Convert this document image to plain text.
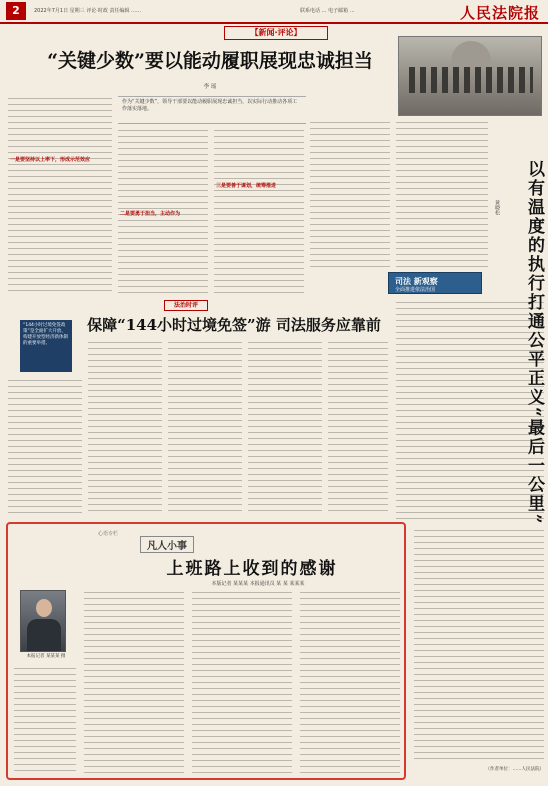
2	2022年7月1日 星期三 评论·时政 责任编辑 ……	联系电话 … 电子邮箱 …	人民法院报
【新闻·评论】
“关键少数”要以能动履职展现忠诚担当
李 瑶
作为“关键少数”，领导干部要以能动履职展现忠诚担当，以实际行动推动各项工作落实落地。
一是要坚持以上率下，形成示范效应
二是要勇于担当，主动作为
三是要善于谋划，统筹推进
司法 新观察
全面推进依法治国	以有温度的执行打通公平正义“最后一公里”
黄晓松
法治时评
保障“144小时过境免签”游 司法服务应靠前
“144小时过境免签政策”是全面扩大开放、构建开放型经济新体制的重要举措。
（作者单位：……人民法院）
心语专栏
凡人小事
上班路上收到的感谢
本版记者 某某某 本报通讯员 某 某 某某某
本报记者 某某某 摄
